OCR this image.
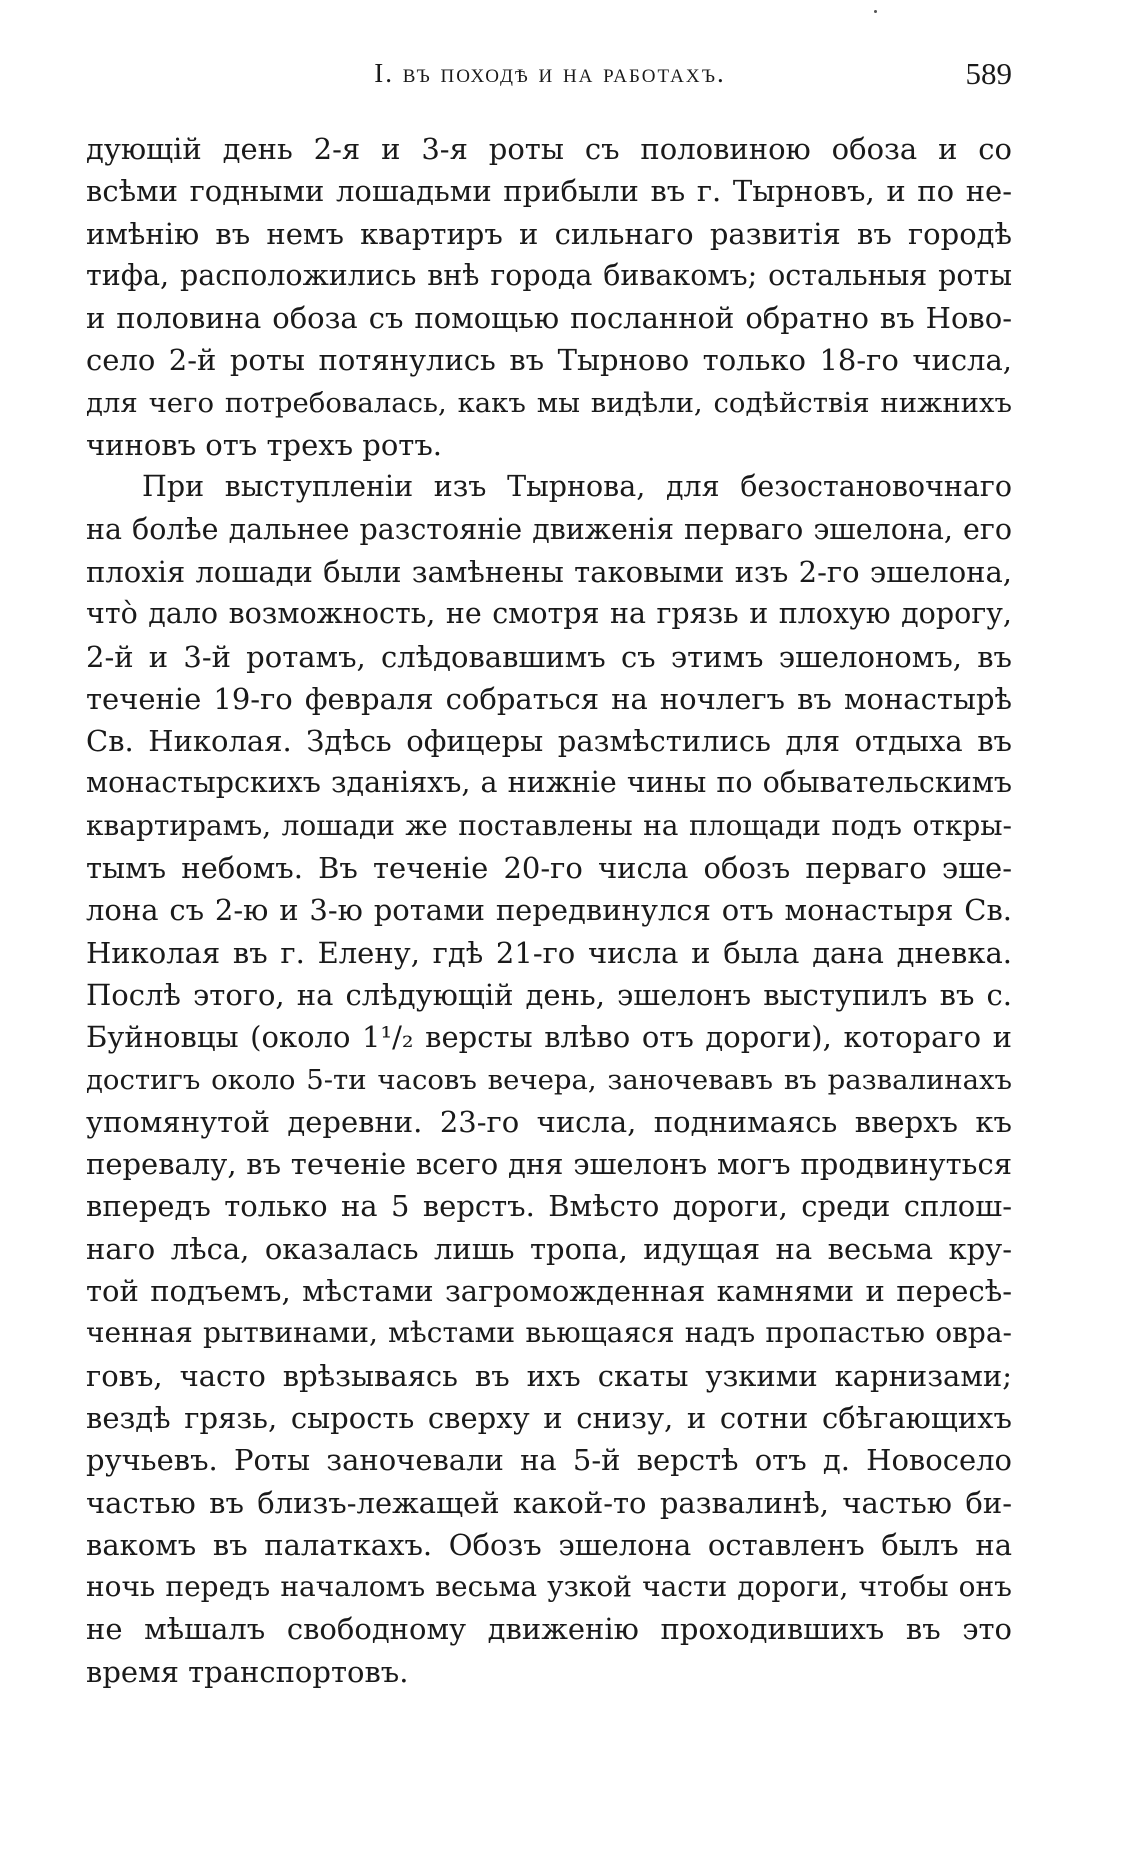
I. въ походѣ и на работахъ.	589
дующій день 2-я и 3-я роты съ половиною обоза и со
всѣми годными лошадьми прибыли въ г. Тырновъ, и по не-
имѣнію въ немъ квартиръ и сильнаго развитія въ городѣ
тифа, расположились внѣ города бивакомъ; остальныя роты
и половина обоза съ помощью посланной обратно въ Ново-
село 2-й роты потянулись въ Тырново только 18-го числа,
для чего потребовалась, какъ мы видѣли, содѣйствія нижнихъ
чиновъ отъ трехъ ротъ.
При выступленіи изъ Тырнова, для безостановочнаго
на болѣе дальнее разстояніе движенія перваго эшелона, его
плохія лошади были замѣнены таковыми изъ 2-го эшелона,
что̀ дало возможность, не смотря на грязь и плохую дорогу,
2-й и 3-й ротамъ, слѣдовавшимъ съ этимъ эшелономъ, въ
теченіе 19-го февраля собраться на ночлегъ въ монастырѣ
Св. Николая. Здѣсь офицеры размѣстились для отдыха въ
монастырскихъ зданіяхъ, а нижніе чины по обывательскимъ
квартирамъ, лошади же поставлены на площади подъ откры-
тымъ небомъ. Въ теченіе 20-го числа обозъ перваго эше-
лона съ 2-ю и 3-ю ротами передвинулся отъ монастыря Св.
Николая въ г. Елену, гдѣ 21-го числа и была дана дневка.
Послѣ этого, на слѣдующій день, эшелонъ выступилъ въ с.
Буйновцы (около 1¹/₂ версты влѣво отъ дороги), котораго и
достигъ около 5-ти часовъ вечера, заночевавъ въ развалинахъ
упомянутой деревни. 23-го числа, поднимаясь вверхъ къ
перевалу, въ теченіе всего дня эшелонъ могъ продвинуться
впередъ только на 5 верстъ. Вмѣсто дороги, среди сплош-
наго лѣса, оказалась лишь тропа, идущая на весьма кру-
той подъемъ, мѣстами загроможденная камнями и пересѣ-
ченная рытвинами, мѣстами вьющаяся надъ пропастью овра-
говъ, часто врѣзываясь въ ихъ скаты узкими карнизами;
вездѣ грязь, сырость сверху и снизу, и сотни сбѣгающихъ
ручьевъ. Роты заночевали на 5-й верстѣ отъ д. Новосело
частью въ близъ-лежащей какой-то развалинѣ, частью би-
вакомъ въ палаткахъ. Обозъ эшелона оставленъ былъ на
ночь передъ началомъ весьма узкой части дороги, чтобы онъ
не мѣшалъ свободному движенію проходившихъ въ это
время транспортовъ.
